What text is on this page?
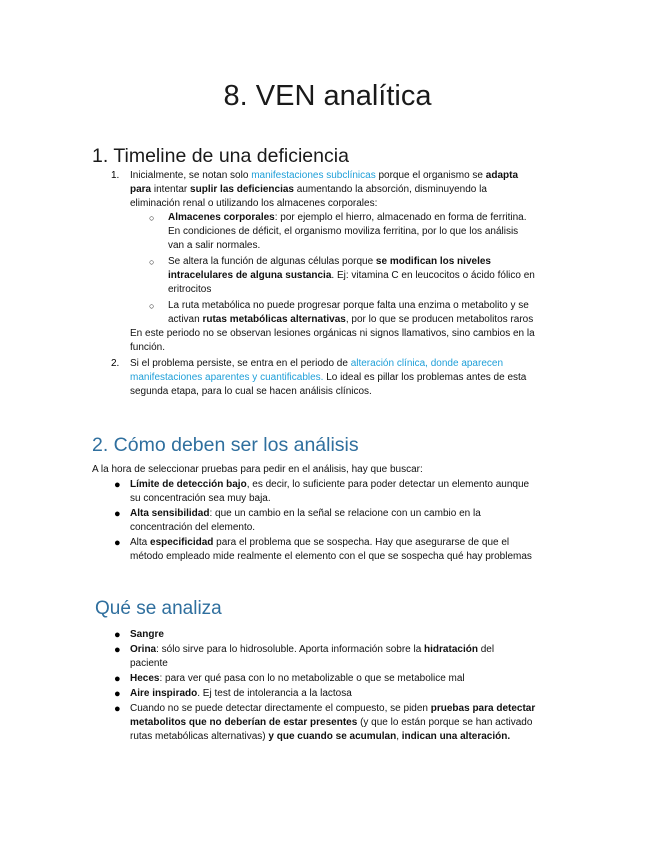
8. VEN analítica
1. Timeline de una deficiencia
1. Inicialmente, se notan solo manifestaciones subclínicas porque el organismo se adapta
para intentar suplir las deficiencias aumentando la absorción, disminuyendo la
eliminación renal o utilizando los almacenes corporales:
○ Almacenes corporales: por ejemplo el hierro, almacenado en forma de ferritina.
En condiciones de déficit, el organismo moviliza ferritina, por lo que los análisis
van a salir normales.
○ Se altera la función de algunas células porque se modifican los niveles
intracelulares de alguna sustancia. Ej: vitamina C en leucocitos o ácido fólico en
eritrocitos
○ La ruta metabólica no puede progresar porque falta una enzima o metabolito y se
activan rutas metabólicas alternativas, por lo que se producen metabolitos raros
En este periodo no se observan lesiones orgánicas ni signos llamativos, sino cambios en la
función.
2. Si el problema persiste, se entra en el periodo de alteración clínica, donde aparecen
manifestaciones aparentes y cuantificables. Lo ideal es pillar los problemas antes de esta
segunda etapa, para lo cual se hacen análisis clínicos.
2. Cómo deben ser los análisis
A la hora de seleccionar pruebas para pedir en el análisis, hay que buscar:
● Límite de detección bajo, es decir, lo suficiente para poder detectar un elemento aunque
su concentración sea muy baja.
● Alta sensibilidad: que un cambio en la señal se relacione con un cambio en la
concentración del elemento.
● Alta especificidad para el problema que se sospecha. Hay que asegurarse de que el
método empleado mide realmente el elemento con el que se sospecha qué hay problemas
Qué se analiza
● Sangre
● Orina: sólo sirve para lo hidrosoluble. Aporta información sobre la hidratación del
paciente
● Heces: para ver qué pasa con lo no metabolizable o que se metabolice mal
● Aire inspirado. Ej test de intolerancia a la lactosa
● Cuando no se puede detectar directamente el compuesto, se piden pruebas para detectar
metabolitos que no deberían de estar presentes (y que lo están porque se han activado
rutas metabólicas alternativas) y que cuando se acumulan, indican una alteración.
